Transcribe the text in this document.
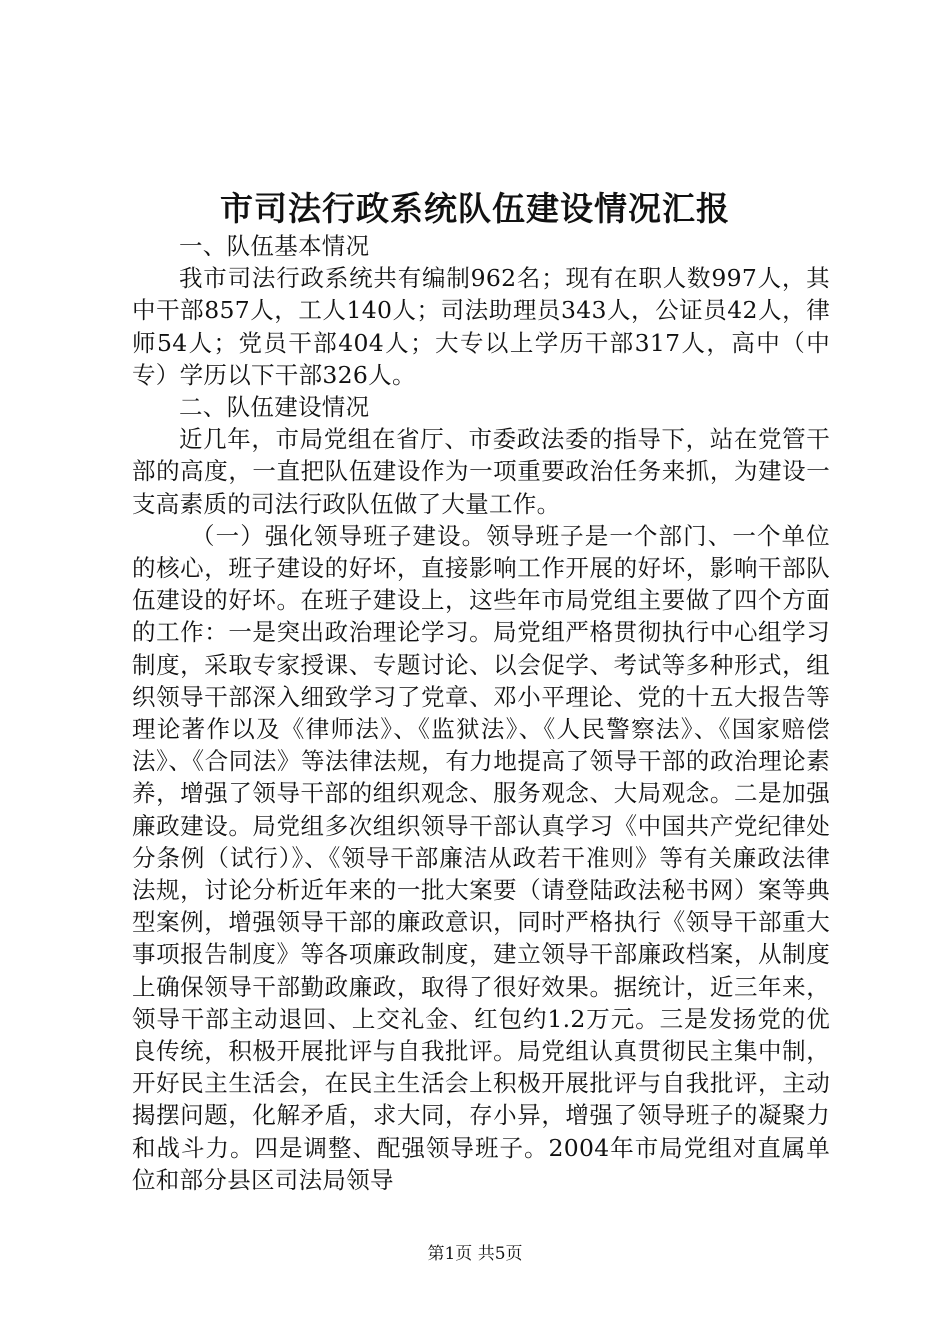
市司法行政系统队伍建设情况汇报
一、队伍基本情况

我市司法行政系统共有编制962名；现有在职人数997人，其中干部857人，工人140人；司法助理员343人，公证员42人，律师54人；党员干部404人；大专以上学历干部317人，高中（中专）学历以下干部326人。

二、队伍建设情况

近几年，市局党组在省厅、市委政法委的指导下，站在党管干部的高度，一直把队伍建设作为一项重要政治任务来抓，为建设一支高素质的司法行政队伍做了大量工作。

（一）强化领导班子建设。领导班子是一个部门、一个单位的核心，班子建设的好坏，直接影响工作开展的好坏，影响干部队伍建设的好坏。在班子建设上，这些年市局党组主要做了四个方面的工作：一是突出政治理论学习。局党组严格贯彻执行中心组学习制度，采取专家授课、专题讨论、以会促学、考试等多种形式，组织领导干部深入细致学习了党章、邓小平理论、党的十五大报告等理论著作以及《律师法》、《监狱法》、《人民警察法》、《国家赔偿法》、《合同法》等法律法规，有力地提高了领导干部的政治理论素养，增强了领导干部的组织观念、服务观念、大局观念。二是加强廉政建设。局党组多次组织领导干部认真学习《中国共产党纪律处分条例（试行）》、《领导干部廉洁从政若干准则》等有关廉政法律法规，讨论分析近年来的一批大案要（请登陆政法秘书网）案等典型案例，增强领导干部的廉政意识，同时严格执行《领导干部重大事项报告制度》等各项廉政制度，建立领导干部廉政档案，从制度上确保领导干部勤政廉政，取得了很好效果。据统计，近三年来，领导干部主动退回、上交礼金、红包约1.2万元。三是发扬党的优良传统，积极开展批评与自我批评。局党组认真贯彻民主集中制，开好民主生活会，在民主生活会上积极开展批评与自我批评，主动揭摆问题，化解矛盾，求大同，存小异，增强了领导班子的凝聚力和战斗力。四是调整、配强领导班子。2004年市局党组对直属单位和部分县区司法局领导

第1页 共5页
